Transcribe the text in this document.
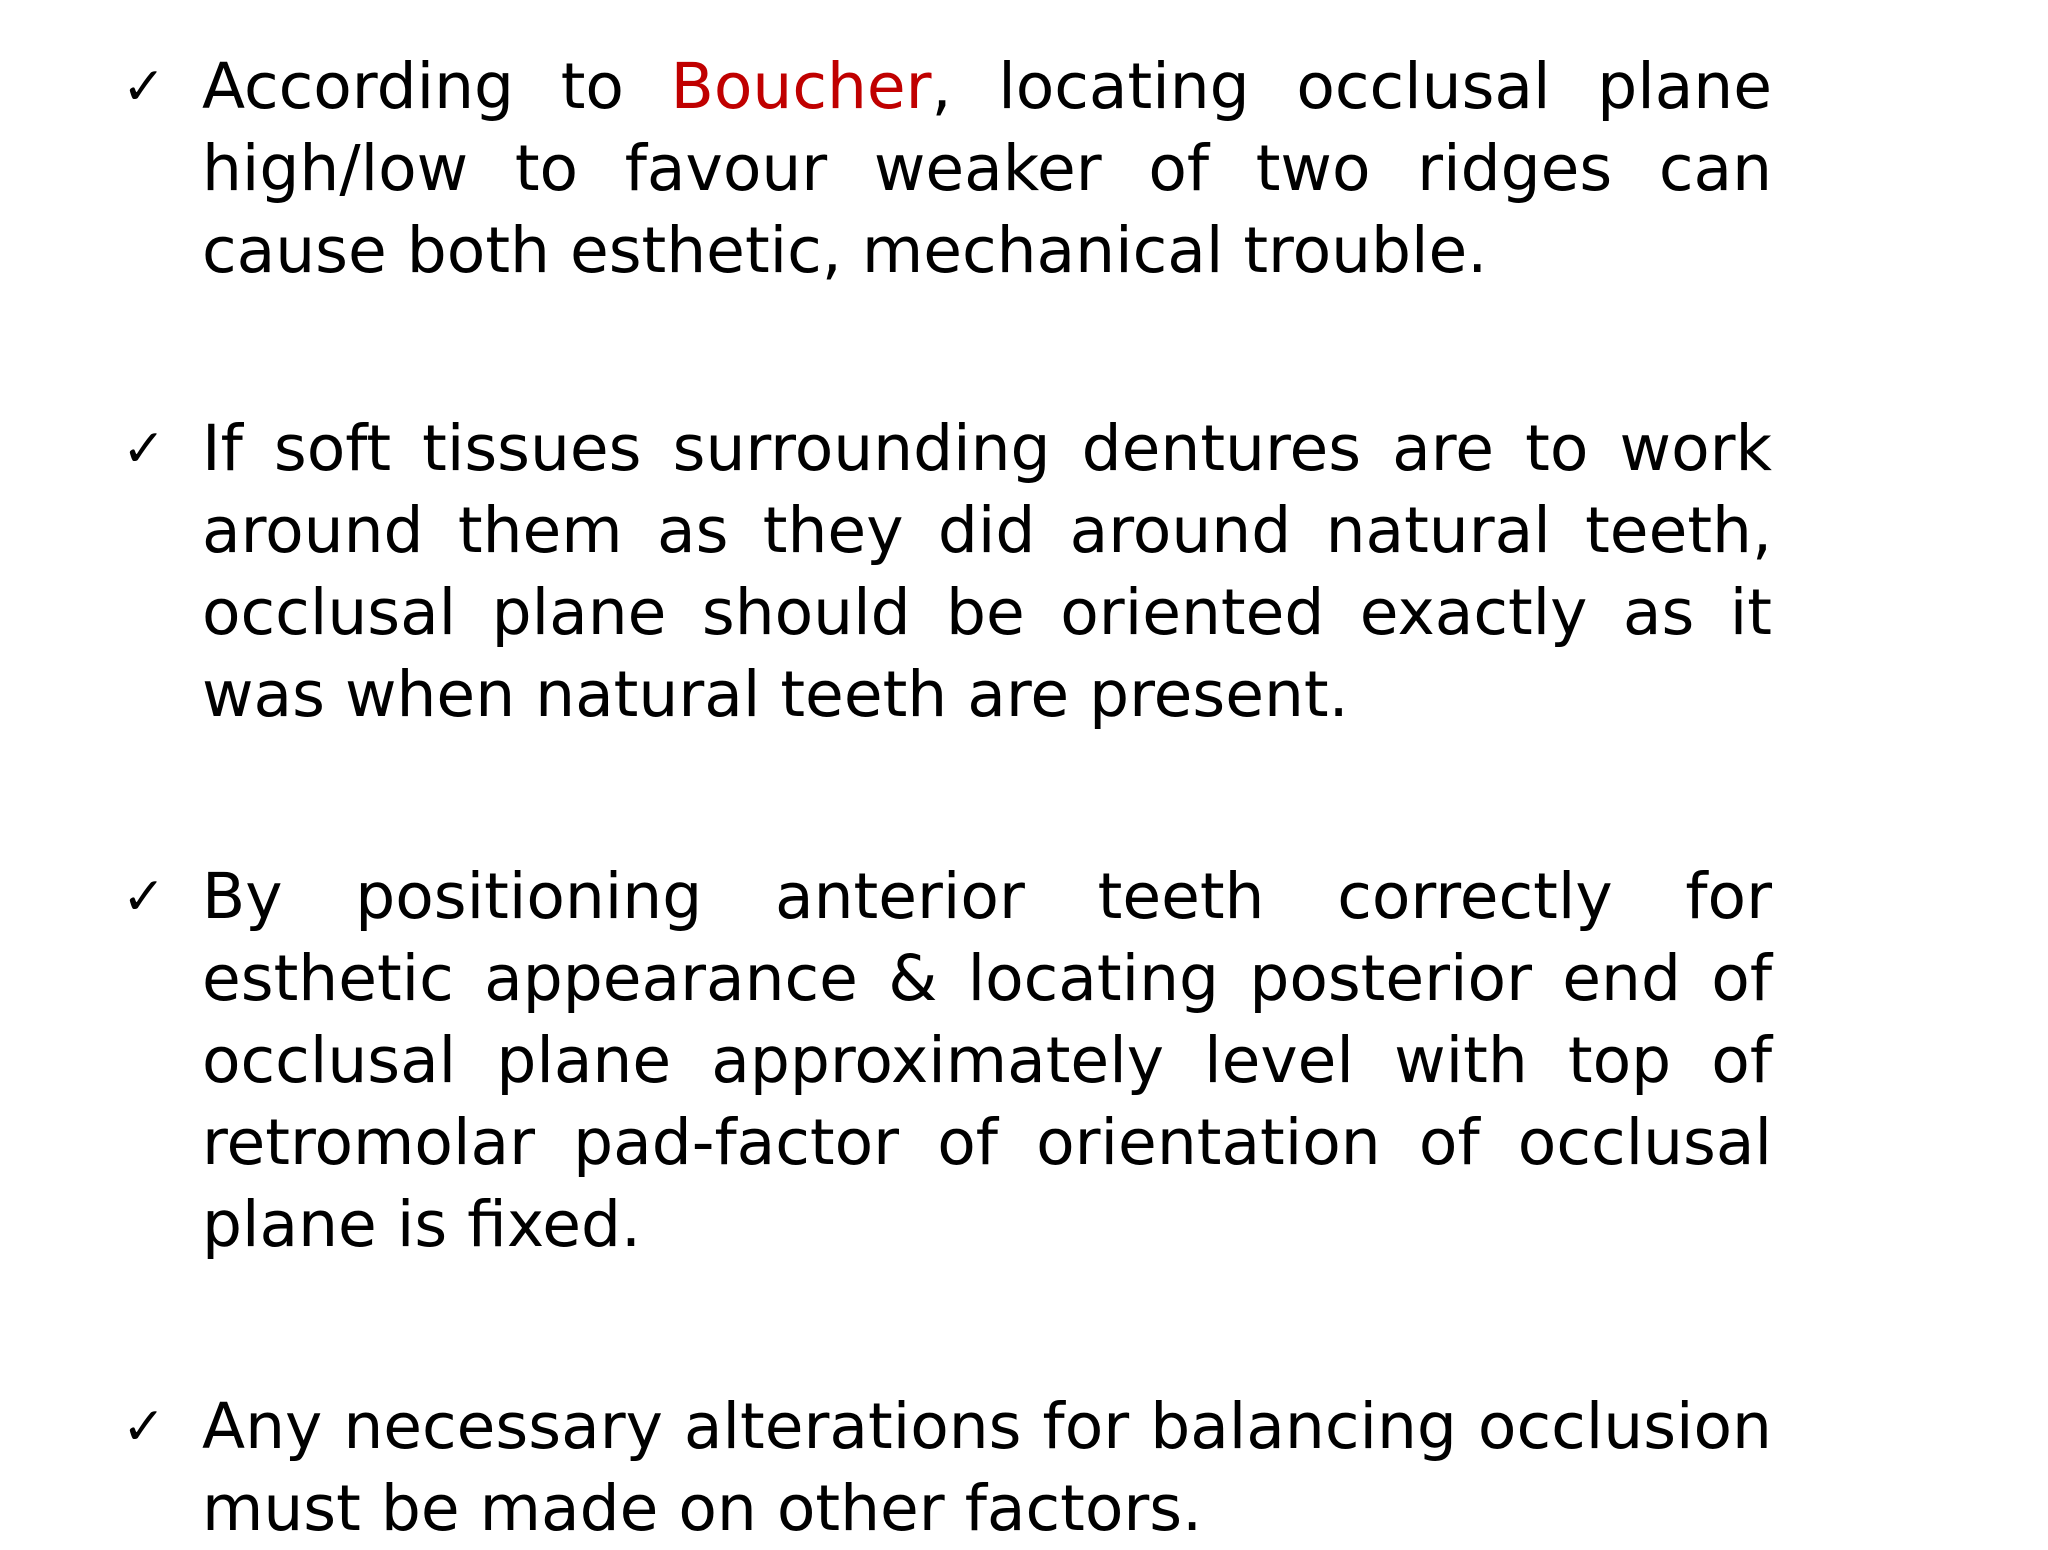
✓ According to Boucher, locating occlusal plane high/low to favour weaker of two ridges can cause both esthetic, mechanical trouble.

✓ If soft tissues surrounding dentures are to work around them as they did around natural teeth, occlusal plane should be oriented exactly as it was when natural teeth are present.

✓ By positioning anterior teeth correctly for esthetic appearance & locating posterior end of occlusal plane approximately level with top of retromolar pad-factor of orientation of occlusal plane is fixed.

✓ Any necessary alterations for balancing occlusion must be made on other factors.
